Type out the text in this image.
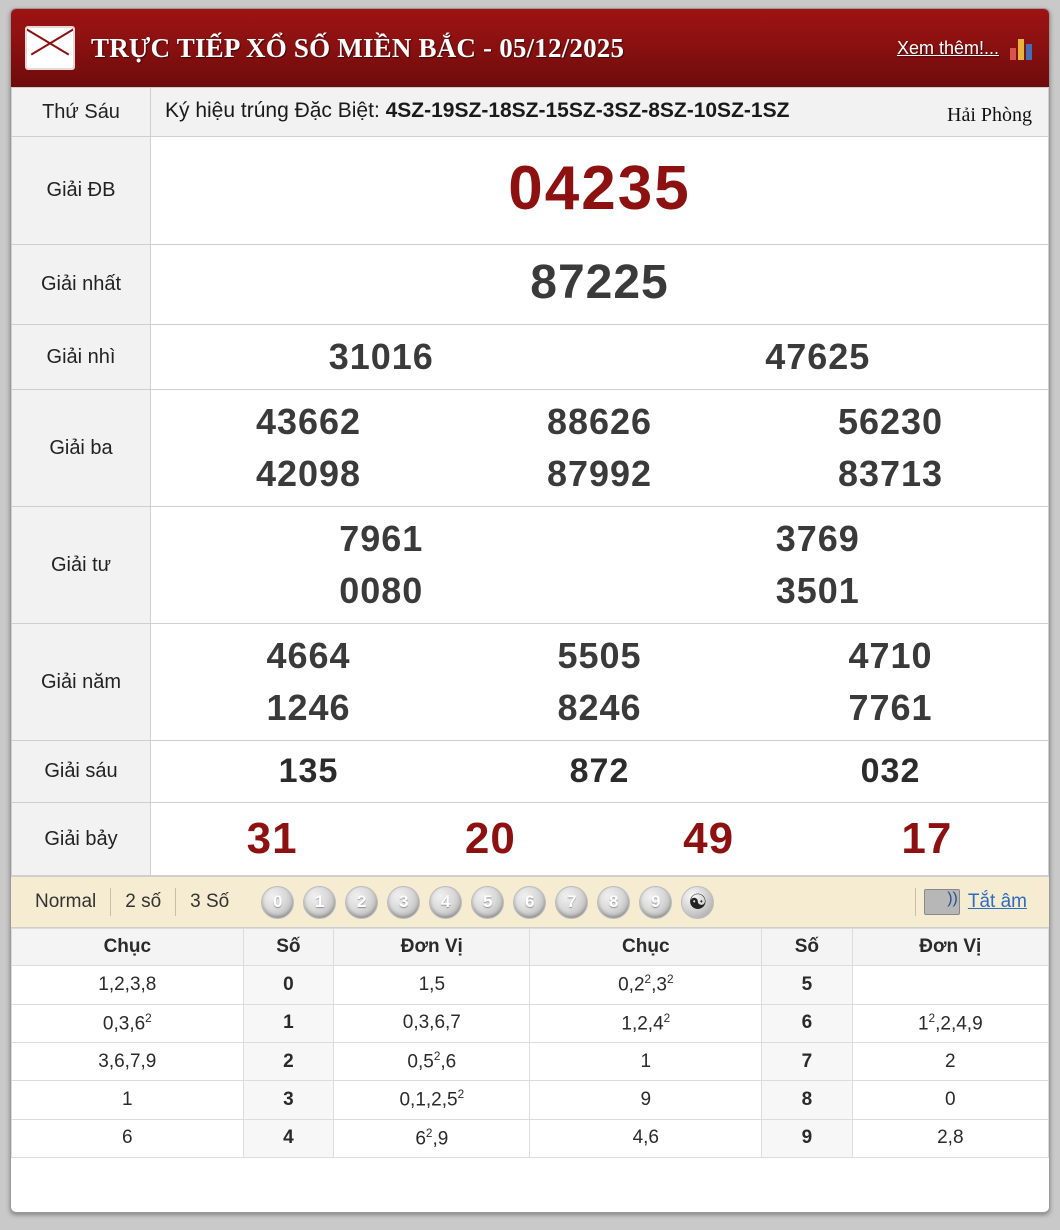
TRỰC TIẾP XỔ SỐ MIỀN BẮC - 05/12/2025	Xem thêm!...
Thứ Sáu	Ký hiệu trúng Đặc Biệt: 4SZ-19SZ-18SZ-15SZ-3SZ-8SZ-10SZ-1SZ Hải Phòng

Giải ĐB	04235
Giải nhất	87225
Giải nhì	31016 47625

Giải ba	
43662	88626	56230
42098	87992	83713

Giải tư	7961 3769
0080 3501

Giải năm	
4664	5505	4710
1246	8246	7761

Giải sáu	135 872 032

Giải bảy	31 20 49 17
Normal	2 số	3 Số	0	1	2	3	4	5	6	7	8	9	☯ ))	Tắt âm
Chục	Số	Đơn Vị	Chục	Số	Đơn Vị
1,2,3,8	0	1,5	$0,2^2,3^2$	5	
0,3,6$^2$	1	0,3,6,7	1,2,4$^2$	6	$1^2,2,4,9$
3,6,7,9	2	$0,5^2,6$	1	7	2
1	3	0,1,2,5$^2$	9	8	0
6	4	$6^2,9$	4,6	9	2,8
